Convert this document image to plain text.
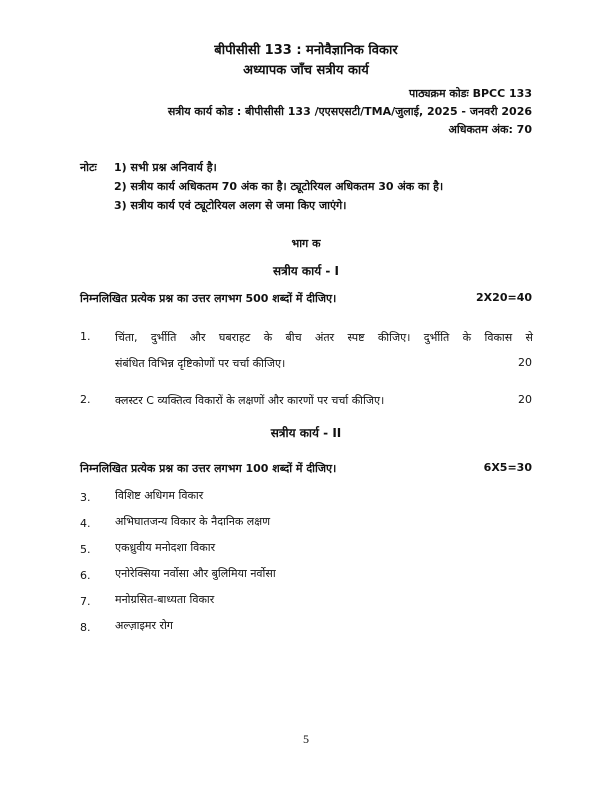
बीपीसीसी 133 : मनोवैज्ञानिक विकार
अध्यापक जाँच सत्रीय कार्य
पाठ्यक्रम कोडः BPCC 133
सत्रीय कार्य कोड : बीपीसीसी 133 /एएसएसटी/TMA/जुलाई, 2025 - जनवरी 2026
अधिकतम अंक: 70
नोटः 1) सभी प्रश्न अनिवार्य है।
2) सत्रीय कार्य अधिकतम 70 अंक का है। ट्यूटोरियल अधिकतम 30 अंक का है।
3) सत्रीय कार्य एवं ट्यूटोरियल अलग से जमा किए जाएंगे।
भाग क
सत्रीय कार्य - I
निम्नलिखित प्रत्येक प्रश्न का उत्तर लगभग 500 शब्दों में दीजिए।	2X20=40
1. चिंता, दुर्भीति और घबराहट के बीच अंतर स्पष्ट कीजिए। दुर्भीति के विकास से
संबंधित विभिन्न दृष्टिकोणों पर चर्चा कीजिए।	20
2. क्लस्टर C व्यक्तित्व विकारों के लक्षणों और कारणों पर चर्चा कीजिए।	20
सत्रीय कार्य - II
निम्नलिखित प्रत्येक प्रश्न का उत्तर लगभग 100 शब्दों में दीजिए।	6X5=30
3. विशिष्ट अधिगम विकार
4. अभिघातजन्य विकार के नैदानिक लक्षण
5. एकध्रुवीय मनोदशा विकार
6. एनोरेक्सिया नर्वोसा और बुलिमिया नर्वोसा
7. मनोग्रसित-बाध्यता विकार
8. अल्ज़ाइमर रोग
5
